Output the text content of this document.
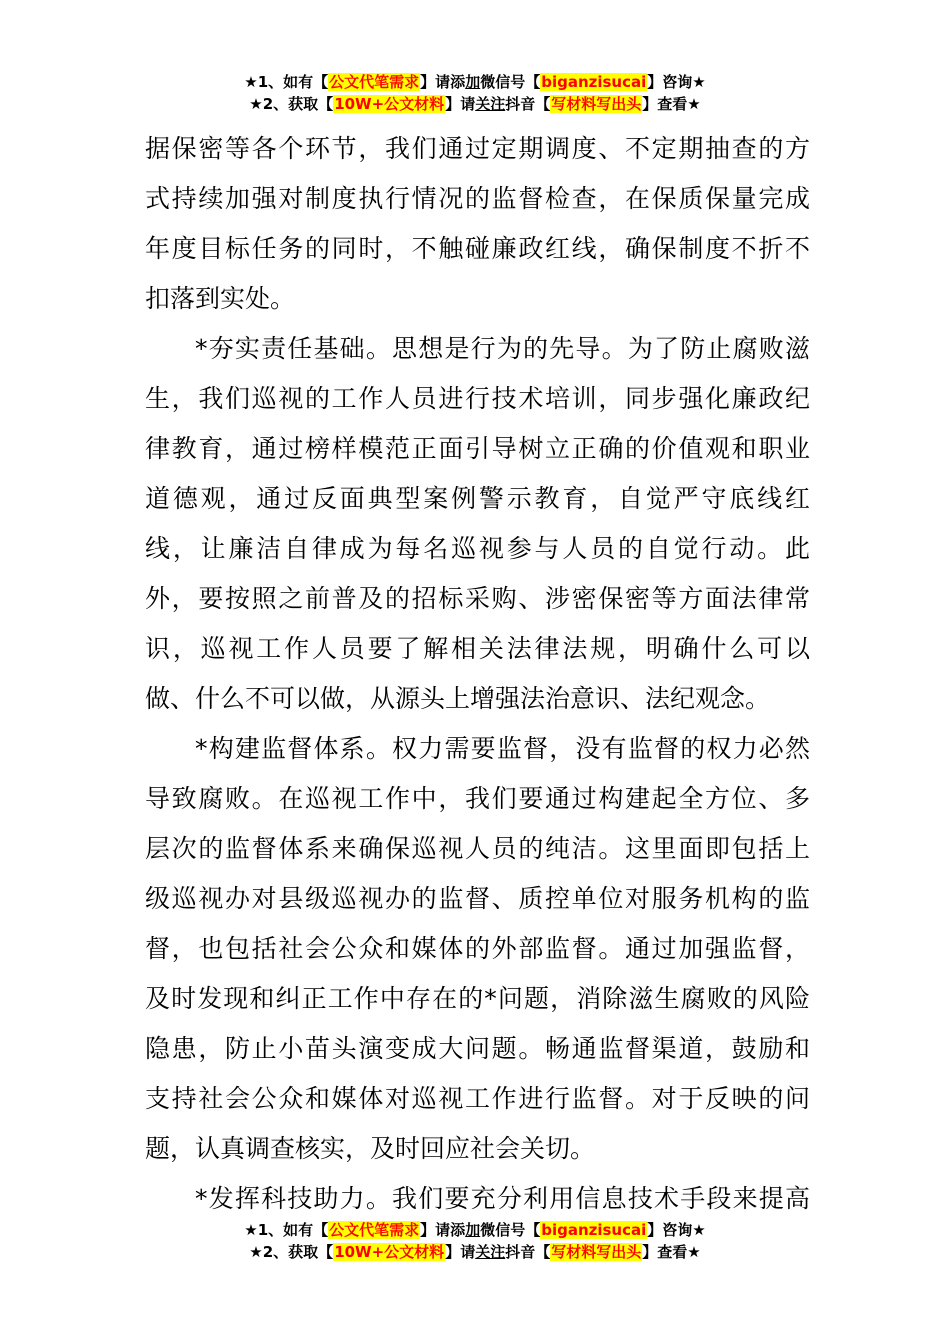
★1、如有【公文代笔需求】请添加微信号【biganzisucai】咨询★
★2、获取【10W+公文材料】请关注抖音【写材料写出头】查看★
据保密等各个环节，我们通过定期调度、不定期抽查的方
式持续加强对制度执行情况的监督检查，在保质保量完成
年度目标任务的同时，不触碰廉政红线，确保制度不折不
扣落到实处。
*夯实责任基础。思想是行为的先导。为了防止腐败滋
生，我们巡视的工作人员进行技术培训，同步强化廉政纪
律教育，通过榜样模范正面引导树立正确的价值观和职业
道德观，通过反面典型案例警示教育，自觉严守底线红
线，让廉洁自律成为每名巡视参与人员的自觉行动。此
外，要按照之前普及的招标采购、涉密保密等方面法律常
识，巡视工作人员要了解相关法律法规，明确什么可以
做、什么不可以做，从源头上增强法治意识、法纪观念。
*构建监督体系。权力需要监督，没有监督的权力必然
导致腐败。在巡视工作中，我们要通过构建起全方位、多
层次的监督体系来确保巡视人员的纯洁。这里面即包括上
级巡视办对县级巡视办的监督、质控单位对服务机构的监
督，也包括社会公众和媒体的外部监督。通过加强监督，
及时发现和纠正工作中存在的*问题，消除滋生腐败的风险
隐患，防止小苗头演变成大问题。畅通监督渠道，鼓励和
支持社会公众和媒体对巡视工作进行监督。对于反映的问
题，认真调查核实，及时回应社会关切。
*发挥科技助力。我们要充分利用信息技术手段来提高
★1、如有【公文代笔需求】请添加微信号【biganzisucai】咨询★
★2、获取【10W+公文材料】请关注抖音【写材料写出头】查看★
